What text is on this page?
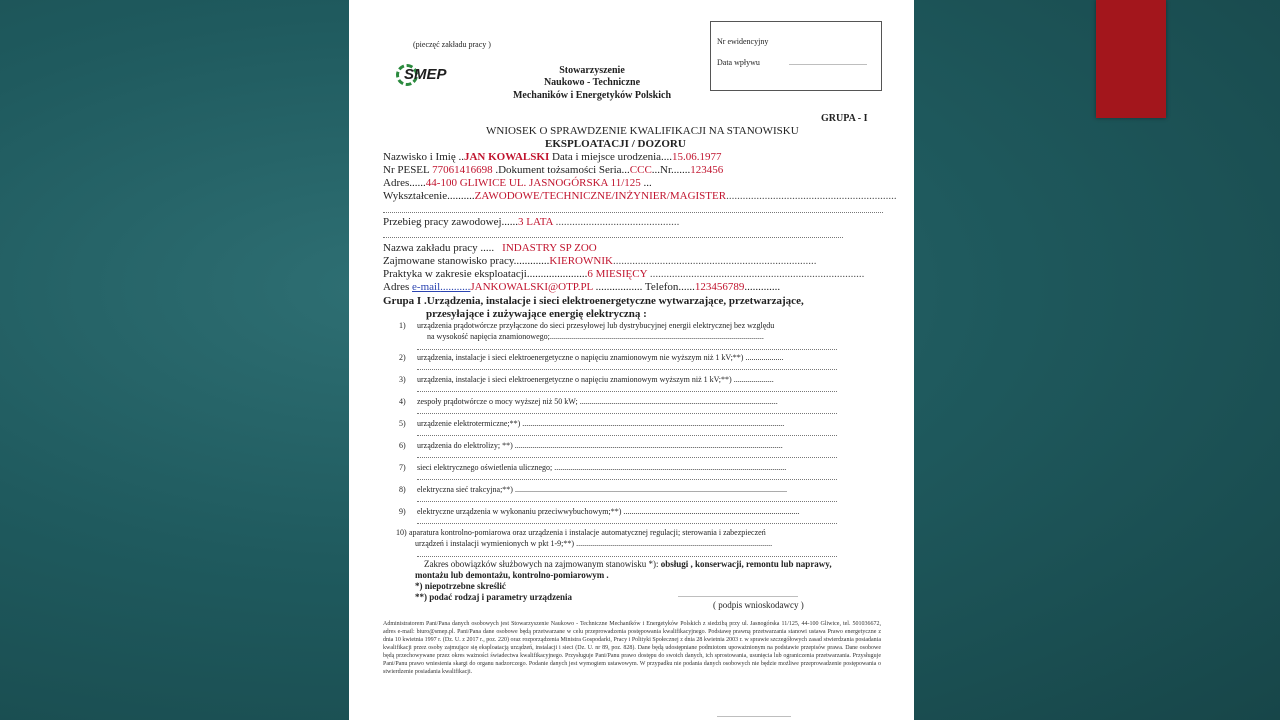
(pieczęć zakładu pracy )	Nr ewidencyjny
Data wpływu	.......................................
SMEP	Stowarzyszenie
Naukowo - Techniczne
Mechaników i Energetyków Polskich
GRUPA - I
WNIOSEK O SPRAWDZENIE KWALIFIKACJI NA STANOWISKU
EKSPLOATACJI / DOZORU
Nazwisko i Imię ..JAN KOWALSKI Data i miejsce urodzenia....15.06.1977
Nr PESEL 77061416698 .Dokument tożsamości Seria...CCC...Nr.......123456
Adres......44-100 GLIWICE UL. JASNOGÓRSKA 11/125 ...
Wykształcenie..........ZAWODOWE/TECHNICZNE/INŻYNIER/MAGISTER..............................................................
Przebieg pracy zawodowej......3 LATA .............................................
Nazwa zakładu pracy ..... INDASTRY SP ZOO
Zajmowane stanowisko pracy.............KIEROWNIK..........................................................................
Praktyka w zakresie eksploatacji......................6 MIESIĘCY ..............................................................................
Adres e-mail...........JANKOWALSKI@OTP.PL ................. Telefon......123456789.............
Grupa I .Urządzenia, instalacje i sieci elektroenergetyczne wytwarzające, przetwarzające,
przesyłające i zużywające energię elektryczną :
1) urządzenia prądotwórcze przyłączone do sieci przesyłowej lub dystrybucyjnej energii elektrycznej bez względu
na wysokość napięcia znamionowego;...........................................................................................................
2) urządzenia, instalacje i sieci elektroenergetyczne o napięciu znamionowym nie wyższym niż 1 kV;**) ...................
3) urządzenia, instalacje i sieci elektroenergetyczne o napięciu znamionowym wyższym niż 1 kV;**) ....................
4) zespoły prądotwórcze o mocy wyższej niż 50 kW; ...................................................................................................
5) urządzenie elektrotermiczne;**) ...................................................................................................................................
6) urządzenia do elektrolizy; **) ......................................................................................................................................
7) sieci elektrycznego oświetlenia ulicznego; ....................................................................................................................
8) elektryczna sieć trakcyjna;**) ........................................................................................................................................
9) elektryczne urządzenia w wykonaniu przeciwwybuchowym;**) ........................................................................................
10) aparatura kontrolno-pomiarowa oraz urządzenia i instalacje automatycznej regulacji; sterowania i zabezpieczeń
urządzeń i instalacji wymienionych w pkt 1-9;**) ..................................................................................................
Zakres obowiązków służbowych na zajmowanym stanowisku *): obsługi , konserwacji, remontu lub naprawy,
montażu lub demontażu, kontrolno-pomiarowym .
*) niepotrzebne skreślić
**) podać rodzaj i parametry urządzenia	............................................................
( podpis wnioskodawcy )
Administratorem Pani/Pana danych osobowych jest Stowarzyszenie Naukowo - Techniczne Mechaników i Energetyków Polskich z siedzibą przy ul. Jasnogórska 11/125, 44-100 Gliwice, tel. 501036672, adres e-mail: biuro@smep.pl. Pani/Pana dane osobowe będą przetwarzane w celu przeprowadzenia postępowania kwalifikacyjnego. Podstawę prawną przetwarzania stanowi ustawa Prawo energetyczne z dnia 10 kwietnia 1997 r. (Dz. U. z 2017 r., poz. 220) oraz rozporządzenia Ministra Gospodarki, Pracy i Polityki Społecznej z dnia 28 kwietnia 2003 r. w sprawie szczegółowych zasad stwierdzania posiadania kwalifikacji przez osoby zajmujące się eksploatacją urządzeń, instalacji i sieci (Dz. U. nr 89, poz. 828). Dane będą udostępniane podmiotom upoważnionym na podstawie przepisów prawa. Dane osobowe będą przechowywane przez okres ważności świadectwa kwalifikacyjnego. Przysługuje Pani/Panu prawo dostępu do swoich danych, ich sprostowania, usunięcia lub ograniczenia przetwarzania. Przysługuje Pani/Panu prawo wniesienia skargi do organu nadzorczego. Podanie danych jest wymogiem ustawowym. W przypadku nie podania danych osobowych nie będzie możliwe przeprowadzenie postępowania o stwierdzenie posiadania kwalifikacji.
.....................................
